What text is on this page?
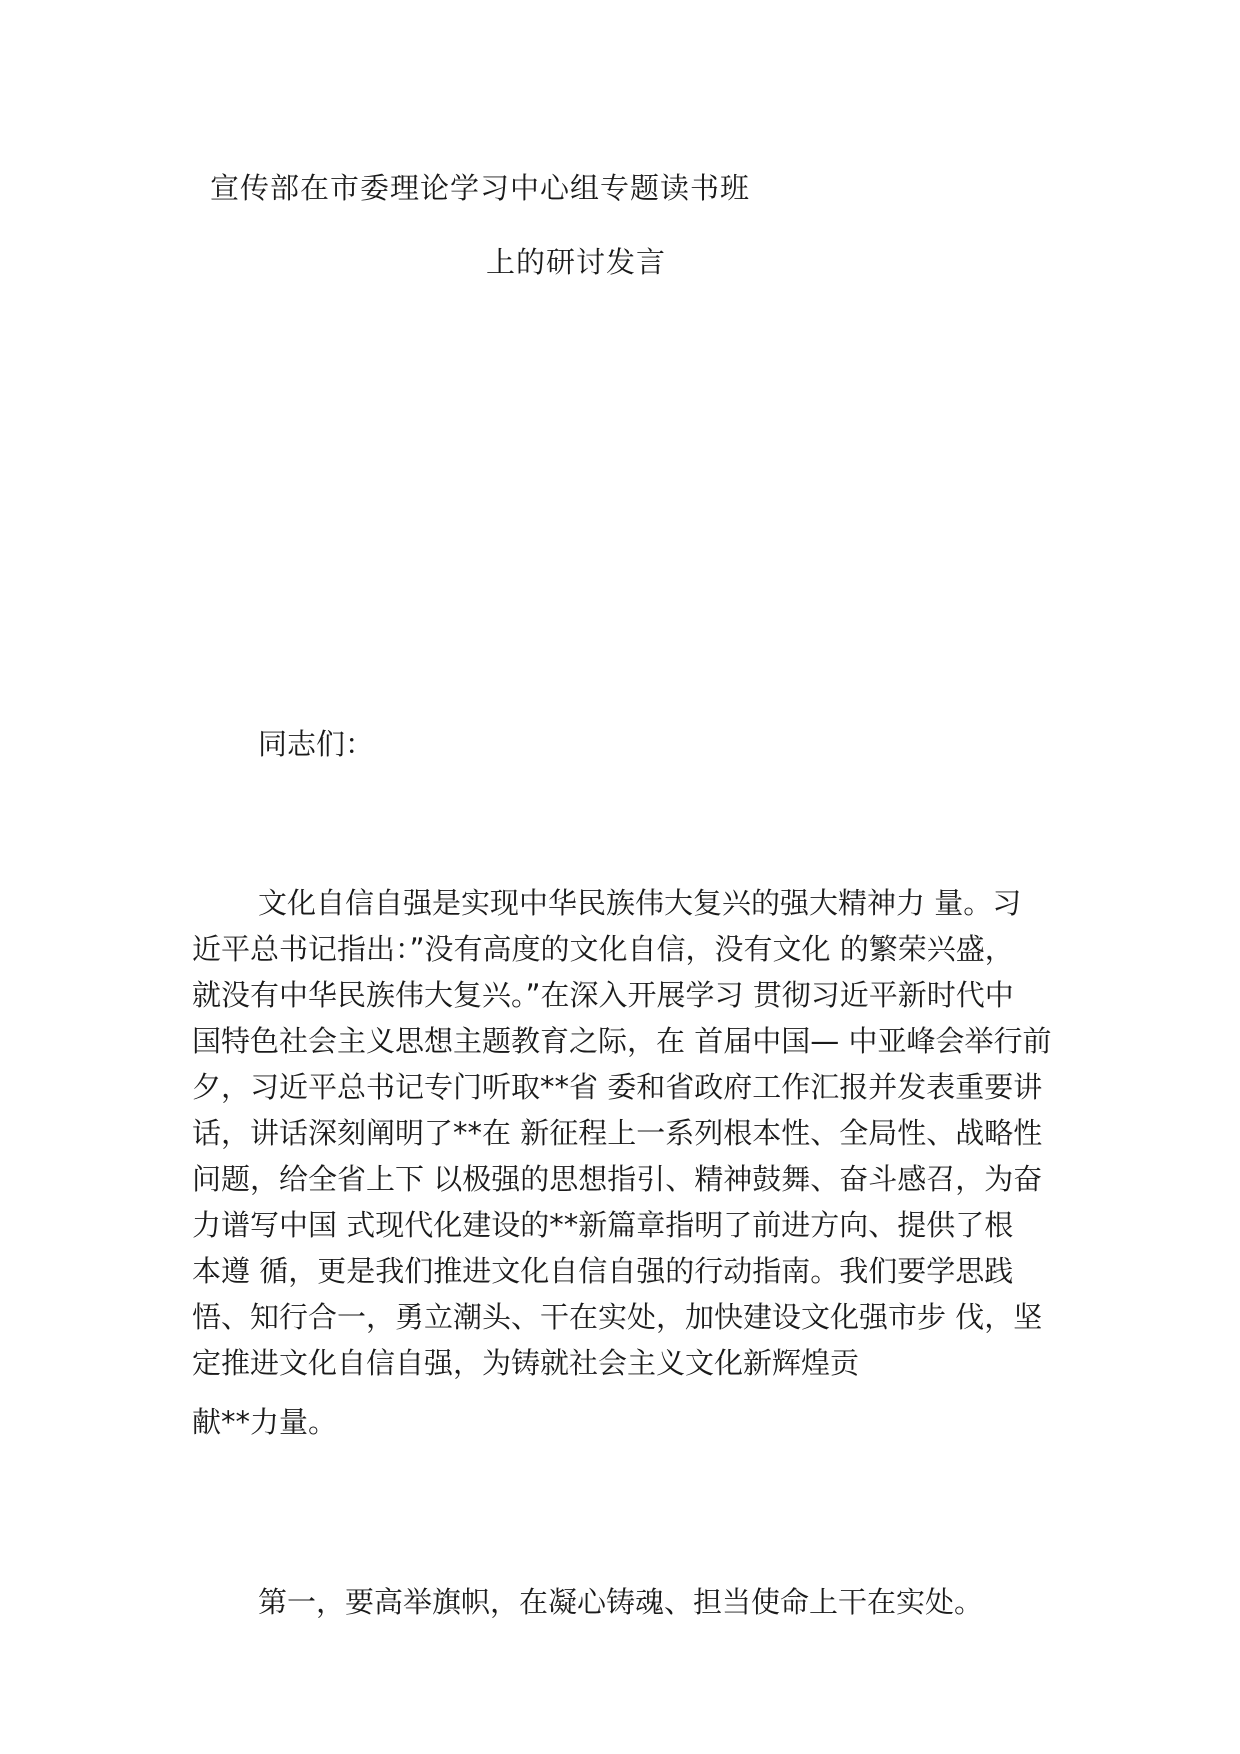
宣传部在市委理论学习中心组专题读书班
上的研讨发言
同志们：
文化自信自强是实现中华民族伟大复兴的强大精神力 量。习
近平总书记指出：”没有高度的文化自信，没有文化 的繁荣兴盛，
就没有中华民族伟大复兴。”在深入开展学习 贯彻习近平新时代中
国特色社会主义思想主题教育之际，在 首届中国— 中亚峰会举行前
夕，习近平总书记专门听取**省 委和省政府工作汇报并发表重要讲
话，讲话深刻阐明了**在 新征程上一系列根本性、全局性、战略性
问题，给全省上下 以极强的思想指引、精神鼓舞、奋斗感召，为奋
力谱写中国 式现代化建设的**新篇章指明了前进方向、提供了根
本遵 循，更是我们推进文化自信自强的行动指南。我们要学思践
悟、知行合一，勇立潮头、干在实处，加快建设文化强市步 伐，坚
定推进文化自信自强，为铸就社会主义文化新辉煌贡
献**力量。
第一，要高举旗帜，在凝心铸魂、担当使命上干在实处。
